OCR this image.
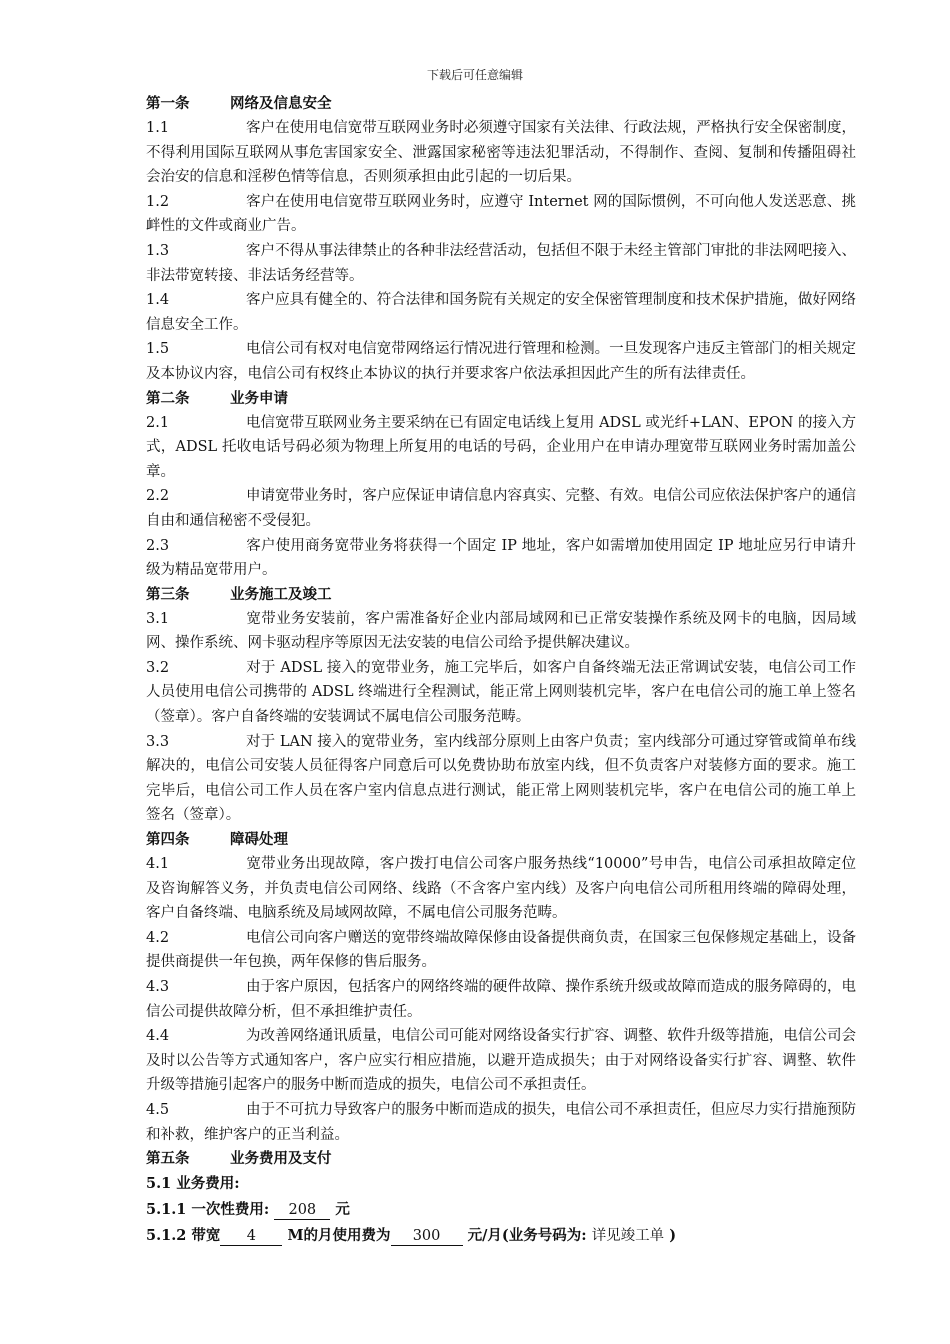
下载后可任意编辑
第一条	网络及信息安全
1.1	客户在使用电信宽带互联网业务时必须遵守国家有关法律、行政法规，严格执行安全保密制度，不得利用国际互联网从事危害国家安全、泄露国家秘密等违法犯罪活动，不得制作、查阅、复制和传播阻碍社会治安的信息和淫秽色情等信息，否则须承担由此引起的一切后果。
1.2	客户在使用电信宽带互联网业务时，应遵守 Internet 网的国际惯例，不可向他人发送恶意、挑衅性的文件或商业广告。
1.3	客户不得从事法律禁止的各种非法经营活动，包括但不限于未经主管部门审批的非法网吧接入、非法带宽转接、非法话务经营等。
1.4	客户应具有健全的、符合法律和国务院有关规定的安全保密管理制度和技术保护措施，做好网络信息安全工作。
1.5	电信公司有权对电信宽带网络运行情况进行管理和检测。一旦发现客户违反主管部门的相关规定及本协议内容，电信公司有权终止本协议的执行并要求客户依法承担因此产生的所有法律责任。
第二条	业务申请
2.1	电信宽带互联网业务主要采纳在已有固定电话线上复用 ADSL 或光纤+LAN、EPON 的接入方式，ADSL 托收电话号码必须为物理上所复用的电话的号码，企业用户在申请办理宽带互联网业务时需加盖公章。
2.2	申请宽带业务时，客户应保证申请信息内容真实、完整、有效。电信公司应依法保护客户的通信自由和通信秘密不受侵犯。
2.3	客户使用商务宽带业务将获得一个固定 IP 地址，客户如需增加使用固定 IP 地址应另行申请升级为精品宽带用户。
第三条	业务施工及竣工
3.1	宽带业务安装前，客户需准备好企业内部局域网和已正常安装操作系统及网卡的电脑，因局域网、操作系统、网卡驱动程序等原因无法安装的电信公司给予提供解决建议。
3.2	对于 ADSL 接入的宽带业务，施工完毕后，如客户自备终端无法正常调试安装，电信公司工作人员使用电信公司携带的 ADSL 终端进行全程测试，能正常上网则装机完毕，客户在电信公司的施工单上签名（签章）。客户自备终端的安装调试不属电信公司服务范畴。
3.3	对于 LAN 接入的宽带业务，室内线部分原则上由客户负责；室内线部分可通过穿管或简单布线解决的，电信公司安装人员征得客户同意后可以免费协助布放室内线，但不负责客户对装修方面的要求。施工完毕后，电信公司工作人员在客户室内信息点进行测试，能正常上网则装机完毕，客户在电信公司的施工单上签名（签章）。
第四条	障碍处理
4.1	宽带业务出现故障，客户拨打电信公司客户服务热线“10000”号申告，电信公司承担故障定位及咨询解答义务，并负责电信公司网络、线路（不含客户室内线）及客户向电信公司所租用终端的障碍处理，客户自备终端、电脑系统及局域网故障，不属电信公司服务范畴。
4.2	电信公司向客户赠送的宽带终端故障保修由设备提供商负责，在国家三包保修规定基础上，设备提供商提供一年包换，两年保修的售后服务。
4.3	由于客户原因，包括客户的网络终端的硬件故障、操作系统升级或故障而造成的服务障碍的，电信公司提供故障分析，但不承担维护责任。
4.4	为改善网络通讯质量，电信公司可能对网络设备实行扩容、调整、软件升级等措施，电信公司会及时以公告等方式通知客户，客户应实行相应措施，以避开造成损失；由于对网络设备实行扩容、调整、软件升级等措施引起客户的服务中断而造成的损失，电信公司不承担责任。
4.5	由于不可抗力导致客户的服务中断而造成的损失，电信公司不承担责任，但应尽力实行措施预防和补救，维护客户的正当利益。
第五条	业务费用及支付
5.1 业务费用:
5.1.1 一次性费用: 208 元
5.1.2 带宽 4 M的月使用费为 300 元/月(业务号码为: 详见竣工单 )
